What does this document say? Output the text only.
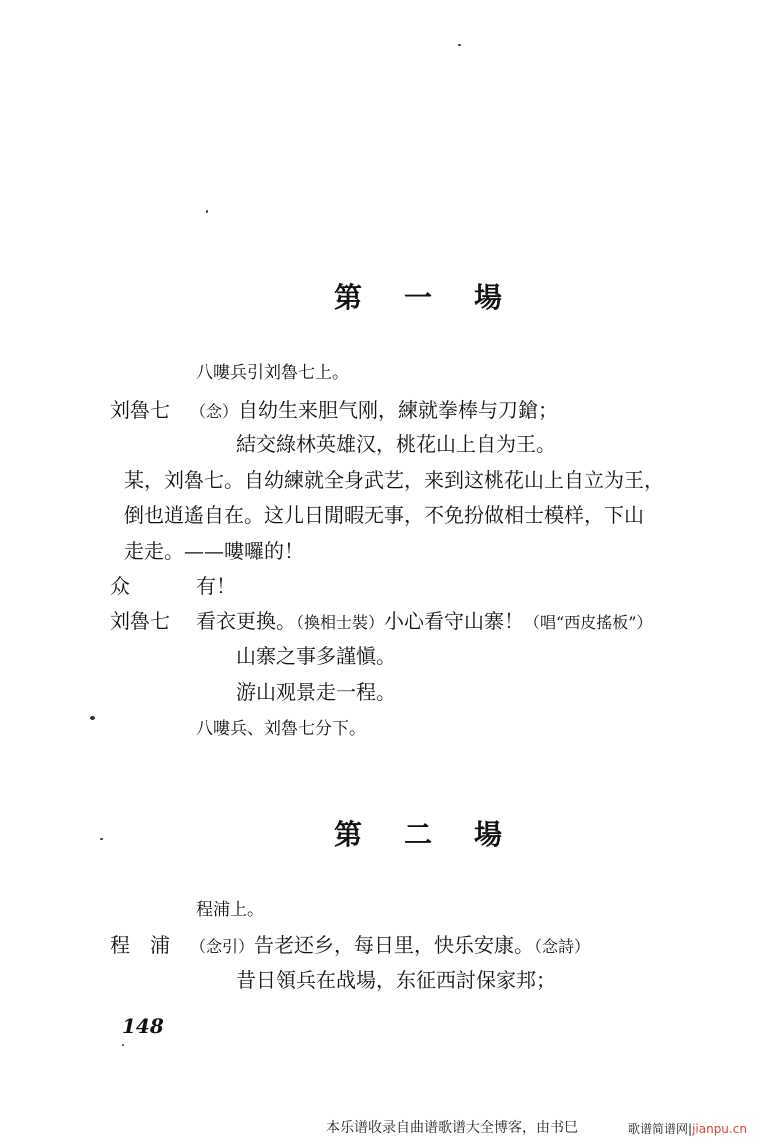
第 一 場
八嘍兵引刘魯七上。
刘魯七 （念）自幼生来胆气刚，練就拳棒与刀鎗；
結交綠林英雄汉，桃花山上自为王。
某，刘魯七。自幼練就全身武艺，来到这桃花山上自立为王，
倒也逍遙自在。这儿日閒暇无事，不免扮做相士模样，下山
走走。——嘍囉的！
众	有！
刘魯七 看衣更換。（換相士裝）小心看守山寨！（唱“西皮搖板”）
山寨之事多謹愼。
游山观景走一程。
八嘍兵、刘魯七分下。
第 二 場
程浦上。
程　浦 （念引）告老还乡，每日里，快乐安康。（念詩）
昔日領兵在战場，东征西討保家邦；
148
本乐谱收录自曲谱歌谱大全博客，由书巳	歌谱简谱网|jianpu.cn
